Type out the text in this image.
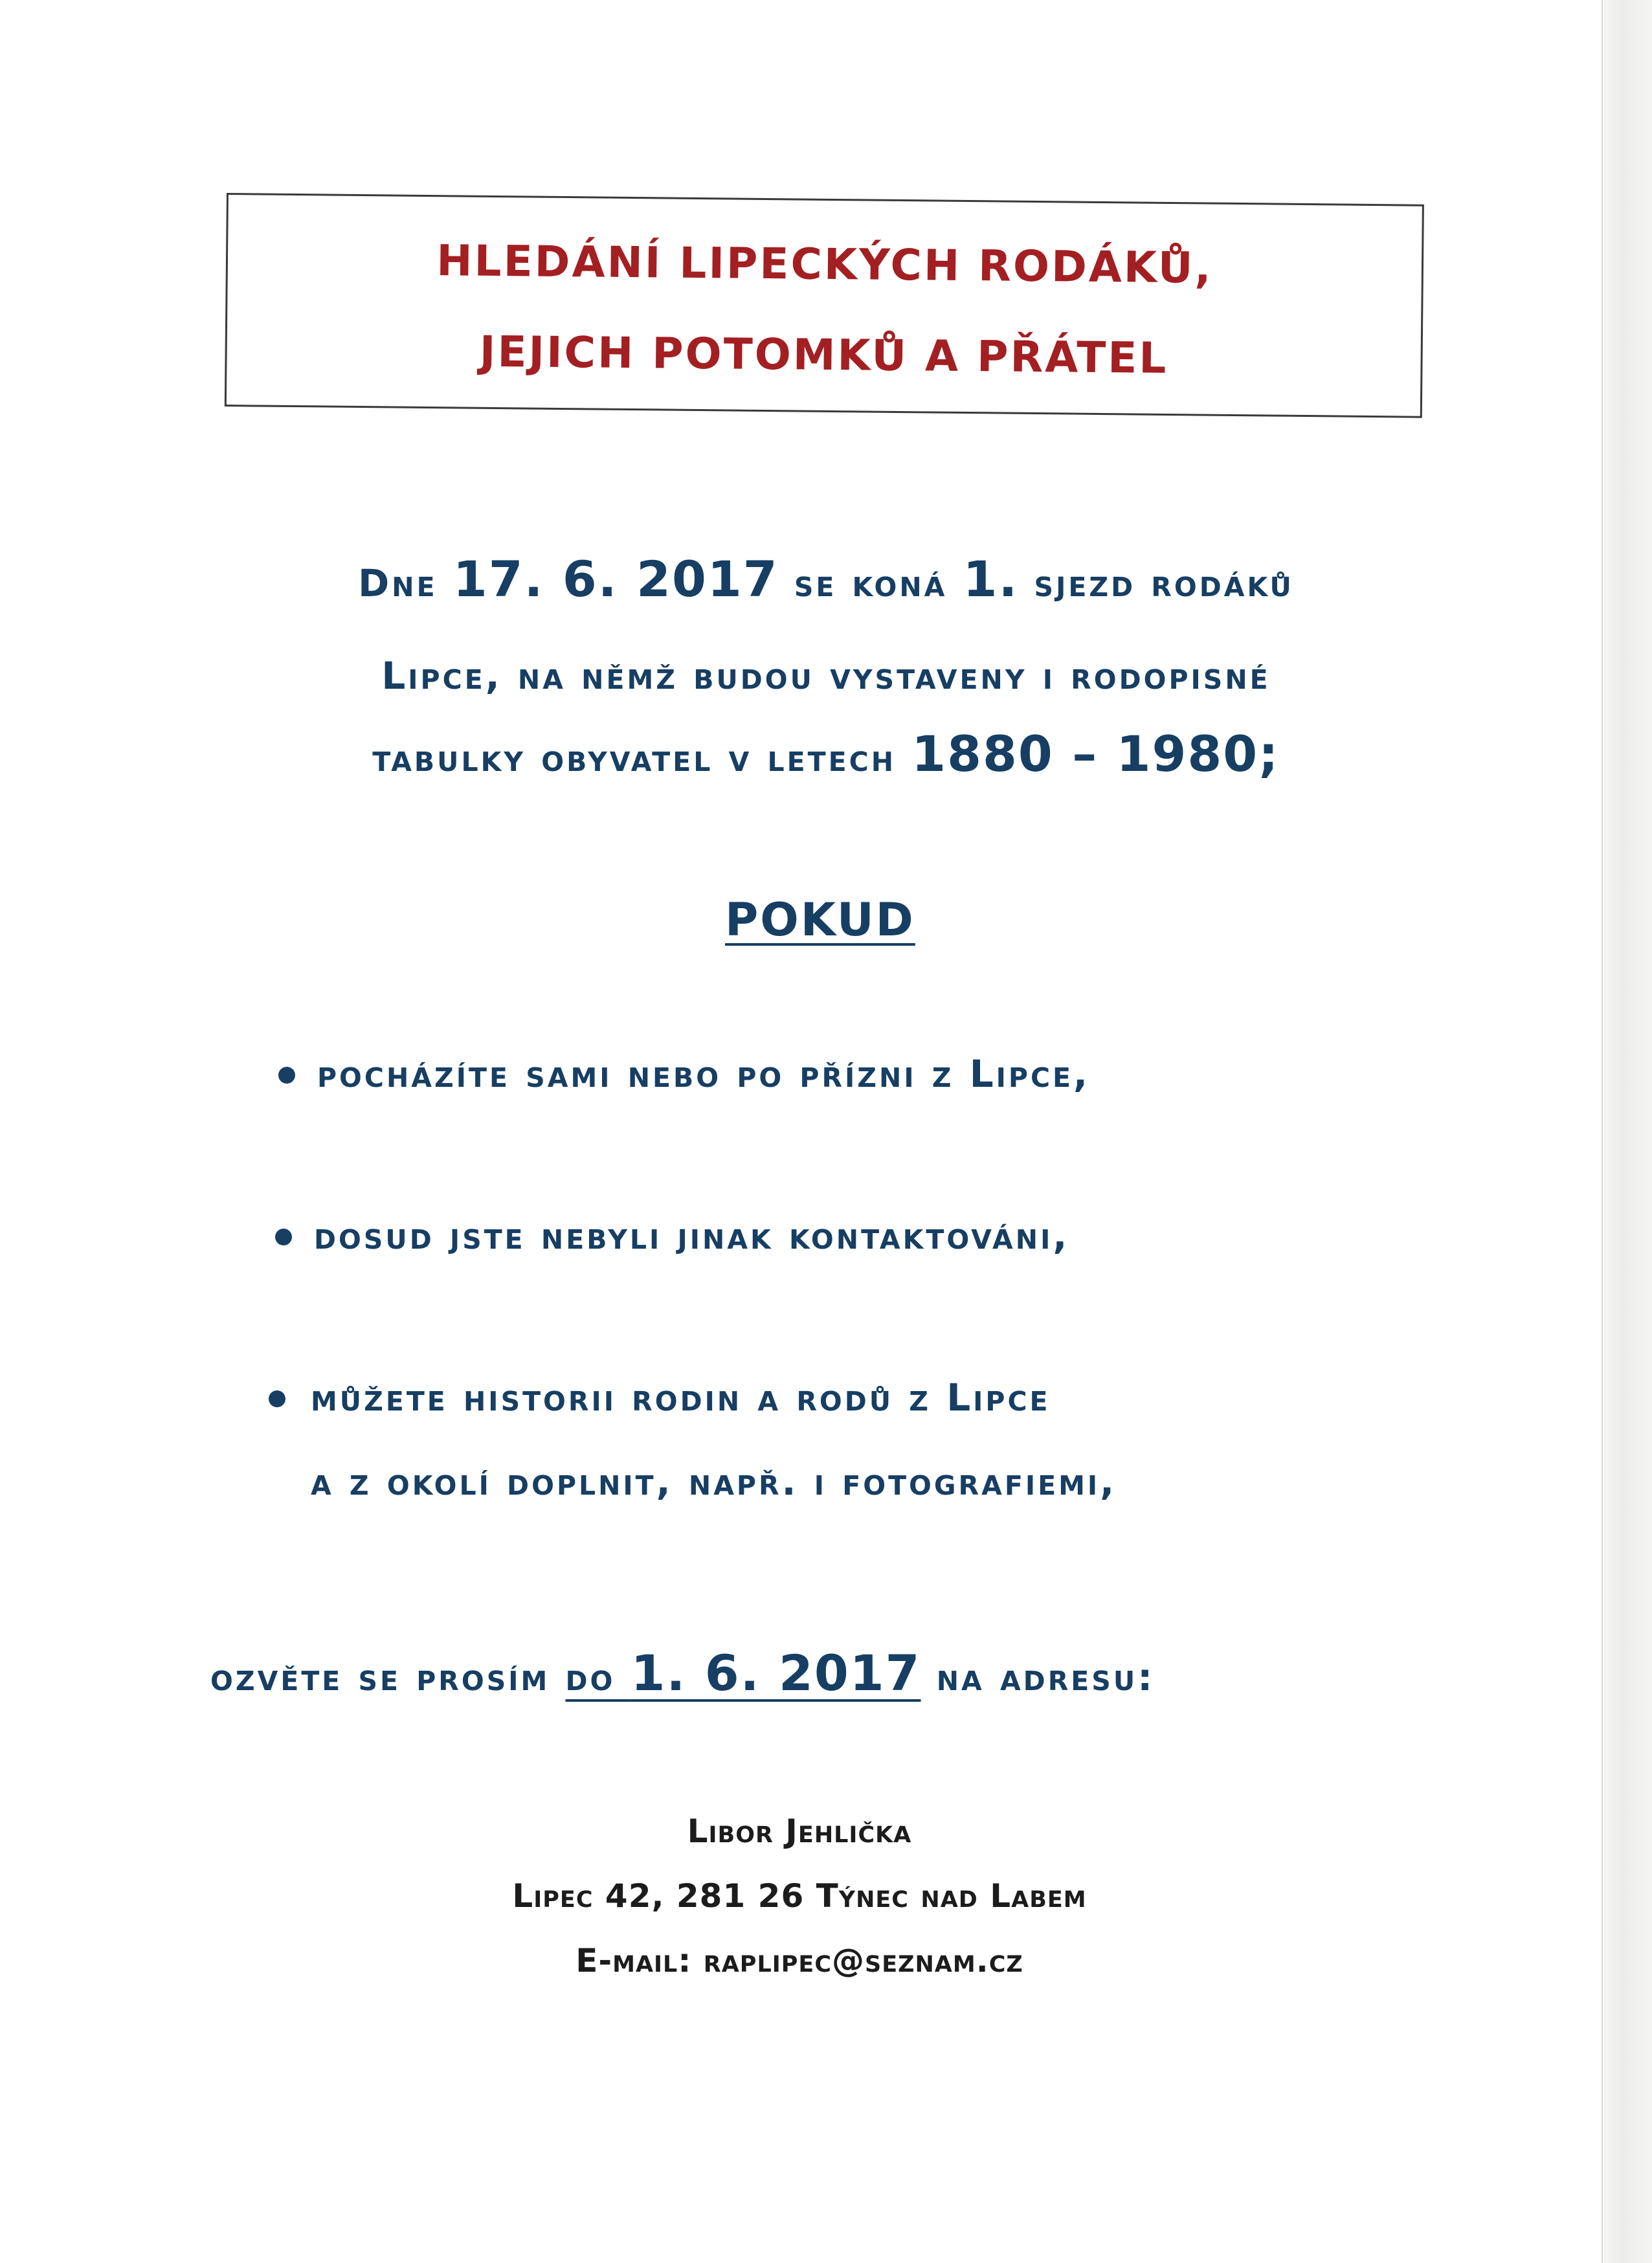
HLEDÁNÍ LIPECKÝCH RODÁKŮ,
JEJICH POTOMKŮ A PŘÁTEL
Dne 17. 6. 2017 se koná 1. sjezd rodáků
Lipce, na němž budou vystaveny i rodopisné
tabulky obyvatel v letech 1880 – 1980;
POKUD
pocházíte sami nebo po přízni z Lipce,
dosud jste nebyli jinak kontaktováni,
můžete historii rodin a rodů z Lipce
a z okolí doplnit, např. i fotografiemi,
ozvěte se prosím do 1. 6. 2017 na adresu:
Libor Jehlička
Lipec 42, 281 26 Týnec nad Labem
E-mail: raplipec@seznam.cz
